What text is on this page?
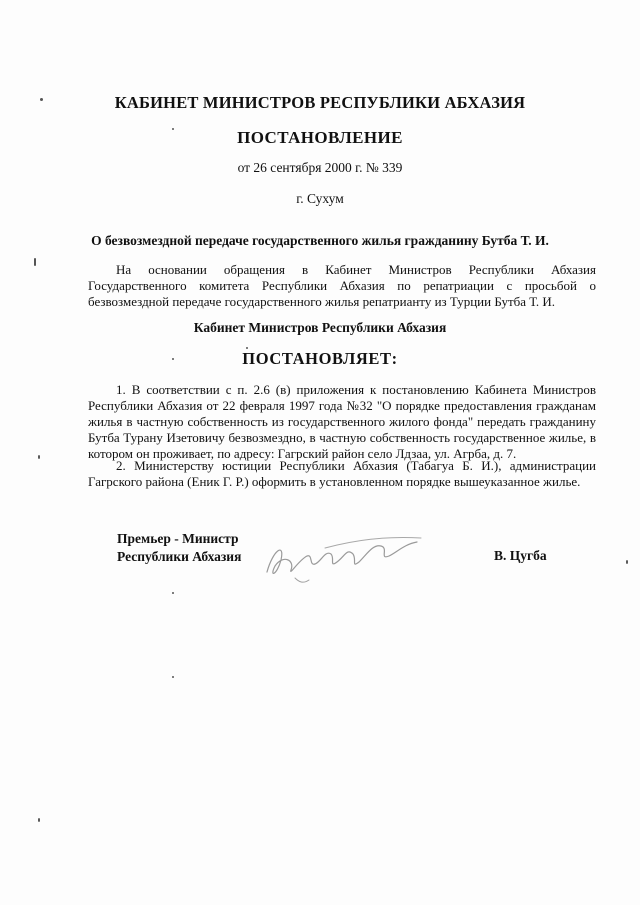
КАБИНЕТ МИНИСТРОВ РЕСПУБЛИКИ АБХАЗИЯ
ПОСТАНОВЛЕНИЕ
от 26 сентября 2000 г. № 339
г. Сухум
О безвозмездной передаче государственного жилья гражданину Бутба Т. И.
На основании обращения в Кабинет Министров Республики Абхазия Государственного комитета Республики Абхазия по репатриации с просьбой о безвозмездной передаче государственного жилья репатрианту из Турции Бутба Т. И.
Кабинет Министров Республики Абхазия
ПОСТАНОВЛЯЕТ:
1. В соответствии с п. 2.6 (в) приложения к постановлению Кабинета Министров Республики Абхазия от 22 февраля 1997 года №32 "О порядке предоставления гражданам жилья в частную собственность из государственного жилого фонда" передать гражданину Бутба Турану Изетовичу безвозмездно, в частную собственность государственное жилье, в котором он проживает, по адресу: Гагрский район село Лдзаа, ул. Агрба, д. 7.
2. Министерству юстиции Республики Абхазия (Табагуа Б. И.), администрации Гагрского района (Еник Г. Р.) оформить в установленном порядке вышеуказанное жилье.
Премьер - Министр
Республики Абхазия	В. Цугба
